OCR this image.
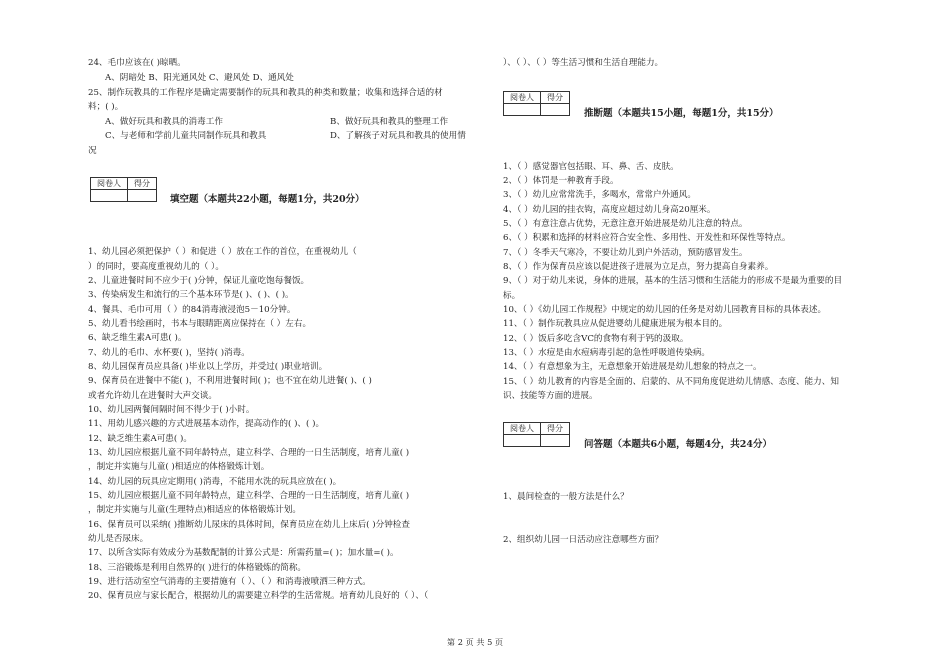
24、毛巾应该在( )晾晒。
A、阴暗处 B、阳光通风处 C、避风处 D、通风处
25、制作玩教具的工作程序是确定需要制作的玩具和教具的种类和数量；收集和选择合适的材
料；( )。
A、做好玩具和教具的消毒工作	B、做好玩具和教具的整理工作
C、与老师和学前儿童共同制作玩具和教具	D、了解孩子对玩具和教具的使用情
况
阅卷人	得分

填空题（本题共22小题，每题1分，共20分）
1、幼儿园必须把保护（ ）和促进（ ）放在工作的首位，在重视幼儿（
）的同时，要高度重视幼儿的（ ）。
2、儿童进餐时间不应少于( )分钟，保证儿童吃饱每餐饭。
3、传染病发生和流行的三个基本环节是( )、( )、( )。
4、餐具、毛巾可用（ ）的84消毒液浸泡5－10分钟。
5、幼儿看书绘画时，书本与眼睛距离应保持在（ ）左右。
6、缺乏维生素A可患( )。
7、幼儿的毛巾、水杯要( )，坚持( )消毒。
8、幼儿园保育员应具备( )毕业以上学历，并受过( )职业培训。
9、保育员在进餐中不能( )，不利用进餐时间( )；也不宜在幼儿进餐( )、( )
或者允许幼儿在进餐时大声交谈。
10、幼儿园两餐间隔时间不得少于( )小时。
11、用幼儿感兴趣的方式进展基本动作，提高动作的( )、( )。
12、缺乏维生素A可患( )。
13、幼儿园应根据儿童不同年龄特点，建立科学、合理的一日生活制度，培育儿童( )
，制定并实施与儿童( )相适应的体格锻炼计划。
14、幼儿园的玩具应定期用( )消毒，不能用水洗的玩具应放在( )。
15、幼儿园应根据儿童不同年龄特点，建立科学、合理的一日生活制度，培育儿童( )
，制定并实施与儿童(生理特点)相适应的体格锻炼计划。
16、保育员可以采纳( )推断幼儿尿床的具体时间，保育员应在幼儿上床后( )分钟检查
幼儿是否尿床。
17、以所含实际有效成分为基数配制的计算公式是：所需药量=( )；加水量=( )。
18、三浴锻炼是利用自然界的( )进行的体格锻炼的简称。
19、进行活动室空气消毒的主要措施有（ ）、（ ）和消毒液喷洒三种方式。
20、保育员应与家长配合，根据幼儿的需要建立科学的生活常规。培育幼儿良好的（ ）、（
）、（ ）、（ ）等生活习惯和生活自理能力。
阅卷人	得分

推断题（本题共15小题，每题1分，共15分）
1、（ ）感觉器官包括眼、耳、鼻、舌、皮肤。
2、（ ）体罚是一种教育手段。
3、（ ）幼儿应常常洗手，多喝水，常常户外通风。
4、（ ）幼儿园的挂衣钩，高度应超过幼儿身高20厘米。
5、（ ）有意注意占优势，无意注意开始进展是幼儿注意的特点。
6、（ ）积累和选择的材料应符合安全性、多用性、开发性和环保性等特点。
7、（ ）冬季天气寒冷，不要让幼儿到户外活动，预防感冒发生。
8、（ ）作为保育员应该以促进孩子进展为立足点，努力提高自身素养。
9、（ ）对于幼儿来说，身体的进展，基本的生活习惯和生活能力的形成不是最为重要的目
标。
10、（ ）《幼儿园工作规程》中规定的幼儿园的任务是对幼儿园教育目标的具体表述。
11、（ ）制作玩教具应从促进婴幼儿健康进展为根本目的。
12、（ ）饭后多吃含VC的食物有利于钙的汲取。
13、（ ）水痘是由水痘病毒引起的急性呼吸道传染病。
14、（ ）有意想象为主，无意想象开始进展是幼儿想象的特点之一。
15、（ ）幼儿教育的内容是全面的、启蒙的、从不同角度促进幼儿情感、态度、能力、知
识、技能等方面的进展。
阅卷人	得分

问答题（本题共6小题，每题4分，共24分）
1、晨间检查的一般方法是什么？
2、组织幼儿园一日活动应注意哪些方面？
第 2 页 共 5 页
